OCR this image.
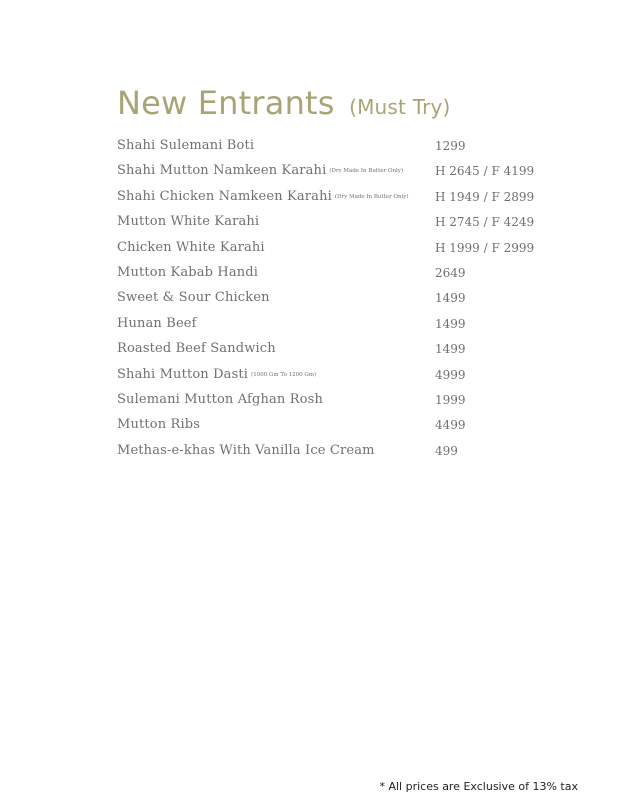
New Entrants (Must Try)
Shahi Sulemani Boti	1299
Shahi Mutton Namkeen Karahi (Dry Made In Butter Only)	H 2645 / F 4199
Shahi Chicken Namkeen Karahi (Dry Made In Butter Only) H 1949 / F 2899
Mutton White Karahi	H 2745 / F 4249
Chicken White Karahi	H 1999 / F 2999
Mutton Kabab Handi	2649
Sweet & Sour Chicken	1499
Hunan Beef	1499
Roasted Beef Sandwich	1499
Shahi Mutton Dasti (1000 Gm To 1200 Gm)	4999
Sulemani Mutton Afghan Rosh	1999
Mutton Ribs	4499
Methas-e-khas With Vanilla Ice Cream	499
* All prices are Exclusive of 13% tax
